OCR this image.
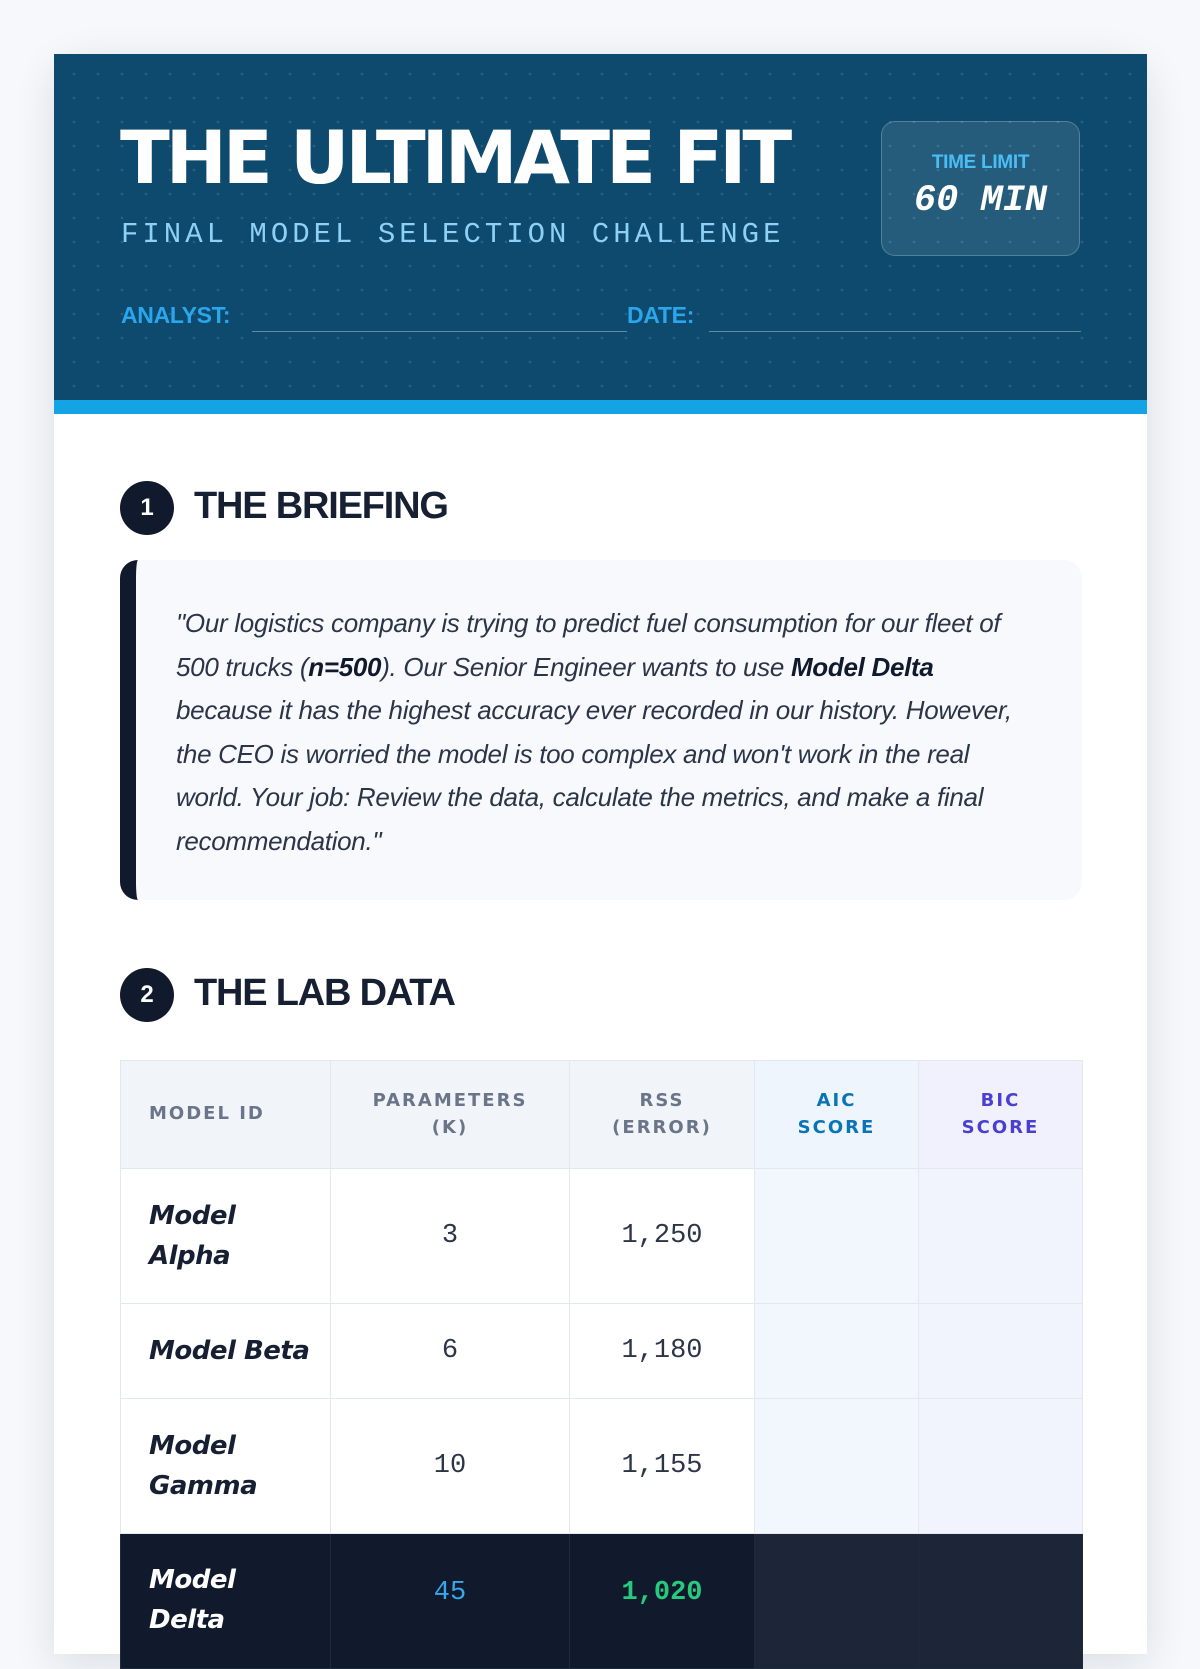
THE ULTIMATE FIT
FINAL MODEL SELECTION CHALLENGE
TIME LIMIT
60 MIN
ANALYST:	DATE:
1	THE BRIEFING

"Our logistics company is trying to predict fuel consumption for our fleet of 500 trucks (n=500). Our Senior Engineer wants to use Model Delta because it has the highest accuracy ever recorded in our history. However, the CEO is worried the model is too complex and won't work in the real world. Your job: Review the data, calculate the metrics, and make a final recommendation."

2	THE LAB DATA
MODEL ID	PARAMETERS (K)	RSS (ERROR)	AIC SCORE	BIC SCORE
Model Alpha	3	1,250		
Model Beta	6	1,180		
Model Gamma	10	1,155		
Model Delta	45	1,020		
